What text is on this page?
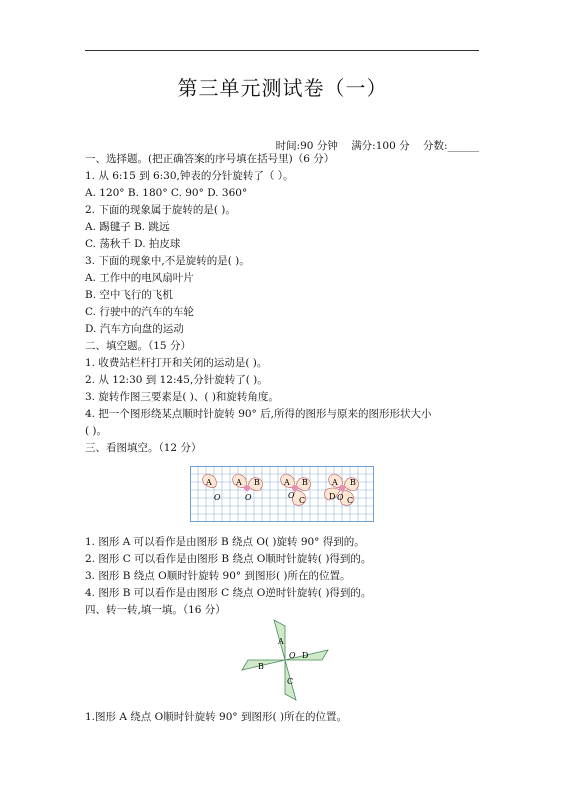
第三单元测试卷（一）
时间:90 分钟 满分:100 分 分数:______
一、选择题。(把正确答案的序号填在括号里)（6 分）
1. 从 6:15 到 6:30,钟表的分针旋转了（ ）。
A. 120° B. 180° C. 90° D. 360°
2. 下面的现象属于旋转的是( )。
A. 踢毽子 B. 跳远
C. 荡秋千 D. 拍皮球
3. 下面的现象中,不是旋转的是( )。
A. 工作中的电风扇叶片
B. 空中飞行的飞机
C. 行驶中的汽车的车轮
D. 汽车方向盘的运动
二、填空题。（15 分）
1. 收费站栏杆打开和关闭的运动是( )。
2. 从 12:30 到 12:45,分针旋转了( )。
3. 旋转作图三要素是( )、( )和旋转角度。
4. 把一个图形绕某点顺时针旋转 90° 后,所得的图形与原来的图形形状大小
( )。
三、看图填空。（12 分）
A
O
A B
O
A B
C
O
A B
C
D O
1. 图形 A 可以看作是由图形 B 绕点 O( )旋转 90° 得到的。
2. 图形 C 可以看作是由图形 B 绕点 O顺时针旋转( )得到的。
3. 图形 B 绕点 O顺时针旋转 90° 到图形( )所在的位置。
4. 图形 B 可以看作是由图形 C 绕点 O逆时针旋转( )得到的。
四、转一转,填一填。（16 分）
A
B
C
D
O
1.图形 A 绕点 O顺时针旋转 90° 到图形( )所在的位置。
